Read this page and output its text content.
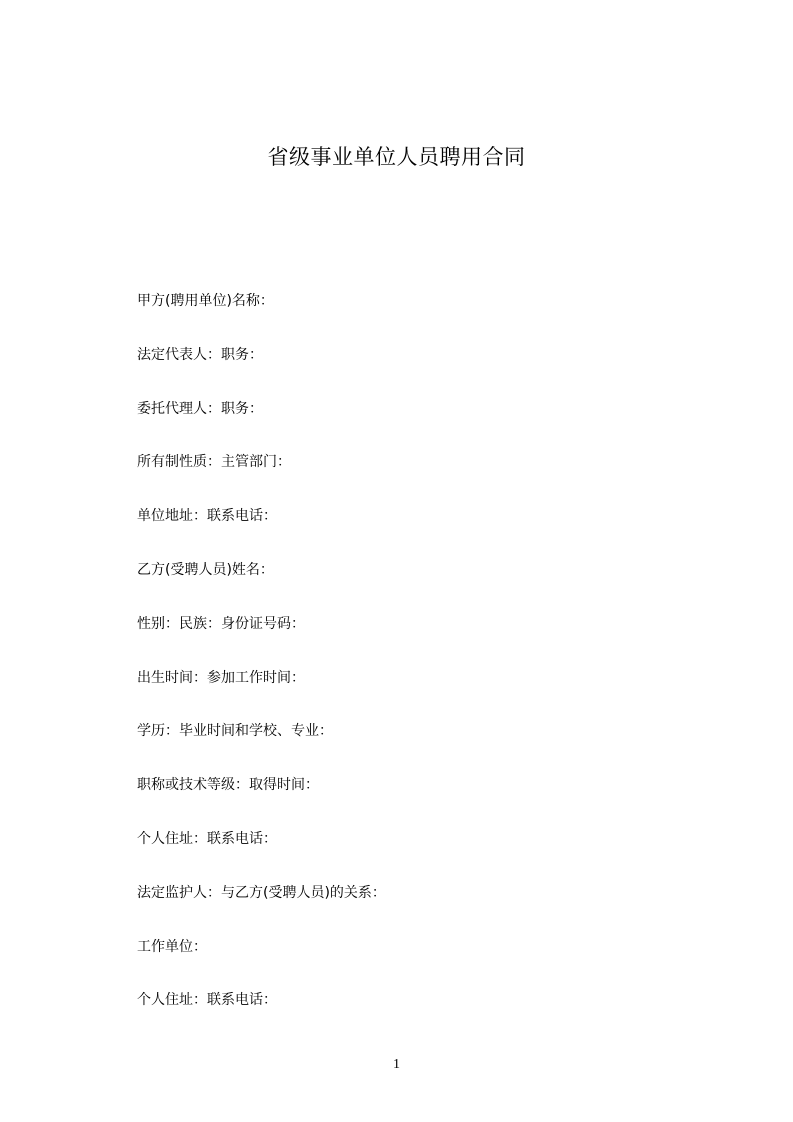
省级事业单位人员聘用合同
甲方(聘用单位)名称：
法定代表人：职务：
委托代理人：职务：
所有制性质：主管部门：
单位地址：联系电话：
乙方(受聘人员)姓名：
性别：民族：身份证号码：
出生时间：参加工作时间：
学历：毕业时间和学校、专业：
职称或技术等级：取得时间：
个人住址：联系电话：
法定监护人：与乙方(受聘人员)的关系：
工作单位：
个人住址：联系电话：
1
